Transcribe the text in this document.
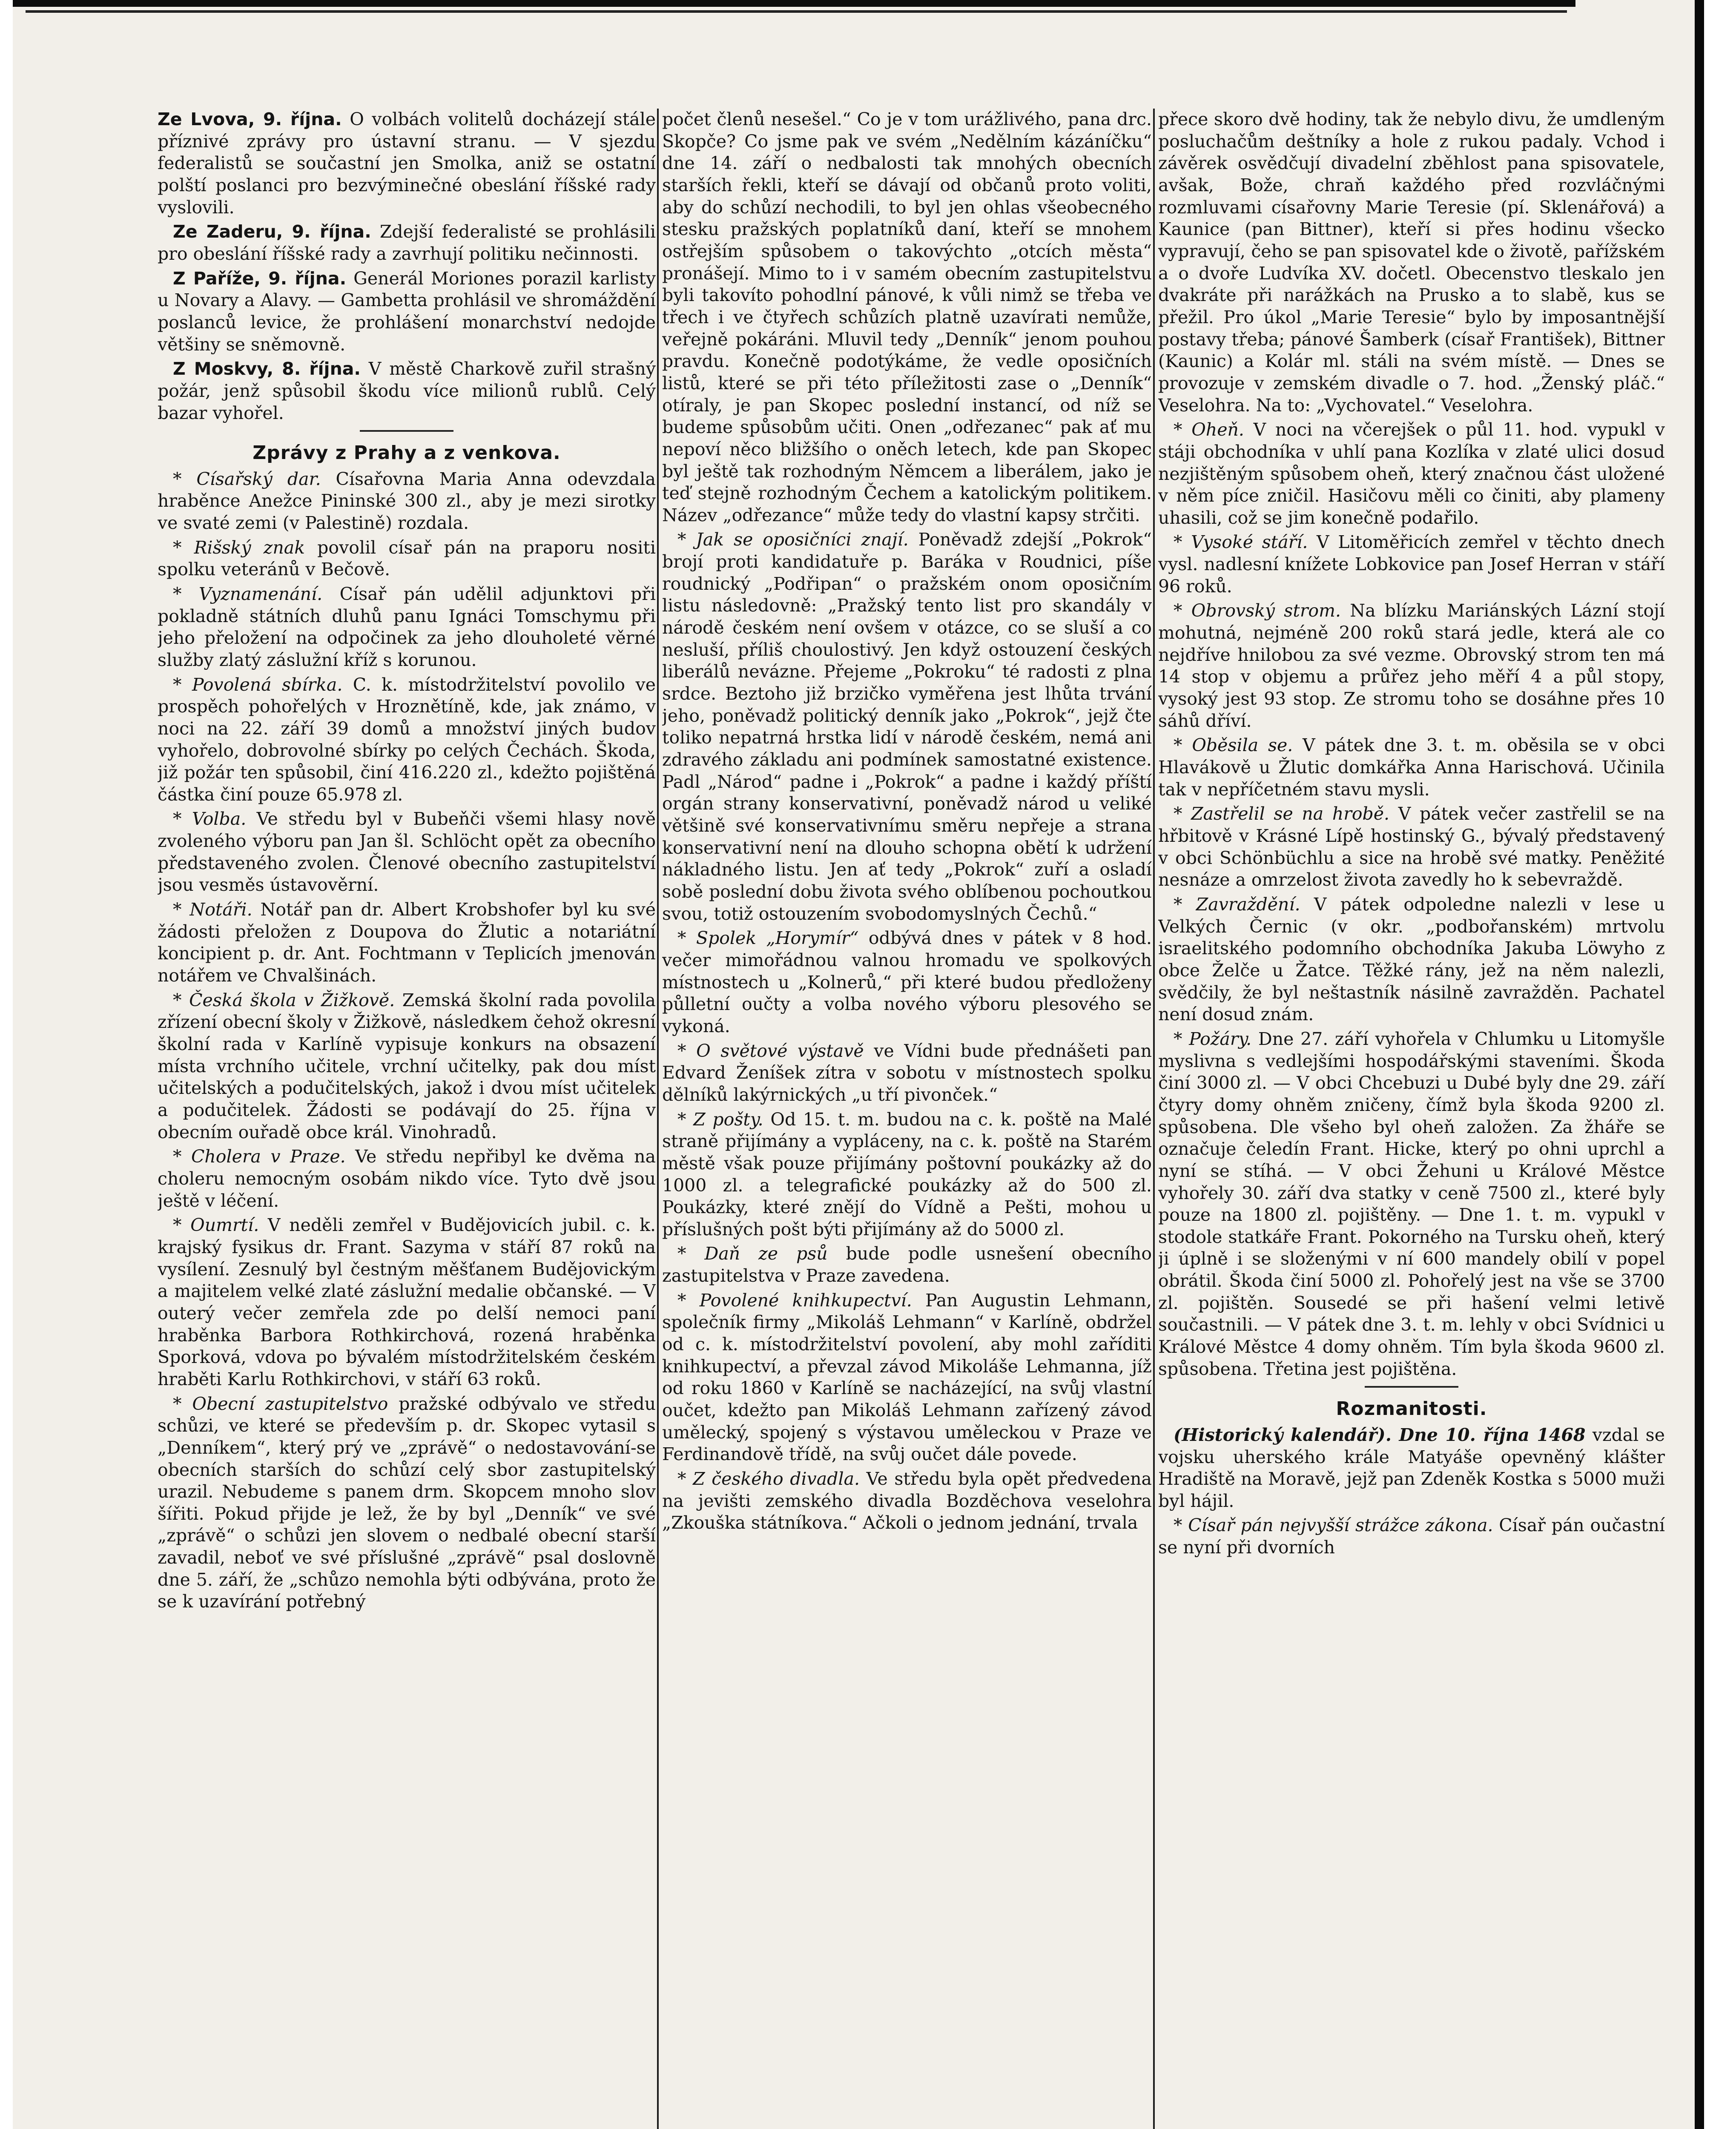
Ze Lvova, 9. října. O volbách volitelů docházejí stále příznivé zprávy pro ústavní stranu. — V sjezdu federalistů se součastní jen Smolka, aniž se ostatní polští poslanci pro bezvýminečné obeslání říšské rady vyslovili.

Ze Zaderu, 9. října. Zdejší federalisté se prohlásili pro obeslání říšské rady a zavrhují politiku nečinnosti.

Z Paříže, 9. října. Generál Moriones porazil karlisty u Novary a Alavy. — Gambetta prohlásil ve shromáždění poslanců levice, že prohlášení monarchství nedojde většiny se sněmovně.

Z Moskvy, 8. října. V městě Charkově zuřil strašný požár, jenž spůsobil škodu více milionů rublů. Celý bazar vyhořel.

Zprávy z Prahy a z venkova.

* Císařský dar. Císařovna Maria Anna odevzdala hraběnce Anežce Pininské 300 zl., aby je mezi sirotky ve svaté zemi (v Palestině) rozdala.

* Rišský znak povolil císař pán na praporu nositi spolku veteránů v Bečově.

* Vyznamenání. Císař pán udělil adjunktovi při pokladně státních dluhů panu Ignáci Tomschymu při jeho přeložení na odpočinek za jeho dlouholeté věrné služby zlatý záslužní kříž s korunou.

* Povolená sbírka. C. k. místodržitelství povolilo ve prospěch pohořelých v Hroznětíně, kde, jak známo, v noci na 22. září 39 domů a množství jiných budov vyhořelo, dobrovolné sbírky po celých Čechách. Škoda, již požár ten spůsobil, činí 416.220 zl., kdežto pojištěná částka činí pouze 65.978 zl.

* Volba. Ve středu byl v Bubeňči všemi hlasy nově zvoleného výboru pan Jan šl. Schlöcht opět za obecního představeného zvolen. Členové obecního zastupitelství jsou vesměs ústavověrní.

* Notáři. Notář pan dr. Albert Krobshofer byl ku své žádosti přeložen z Doupova do Žlutic a notariátní koncipient p. dr. Ant. Fochtmann v Teplicích jmenován notářem ve Chvalšinách.

* Česká škola v Žižkově. Zemská školní rada povolila zřízení obecní školy v Žižkově, následkem čehož okresní školní rada v Karlíně vypisuje konkurs na obsazení místa vrchního učitele, vrchní učitelky, pak dou míst učitelských a podučitelských, jakož i dvou míst učitelek a podučitelek. Žádosti se podávají do 25. října v obecním ouřadě obce král. Vinohradů.

* Cholera v Praze. Ve středu nepřibyl ke dvěma na choleru nemocným osobám nikdo více. Tyto dvě jsou ještě v léčení.

* Oumrtí. V neděli zemřel v Budějovicích jubil. c. k. krajský fysikus dr. Frant. Sazyma v stáří 87 roků na vysílení. Zesnulý byl čestným měšťanem Budějovickým a majitelem velké zlaté záslužní medalie občanské. — V outerý večer zemřela zde po delší nemoci paní hraběnka Barbora Rothkirchová, rozená hraběnka Sporková, vdova po bývalém místodržitelském českém hraběti Karlu Rothkirchovi, v stáří 63 roků.

* Obecní zastupitelstvo pražské odbývalo ve středu schůzi, ve které se především p. dr. Skopec vytasil s „Denníkem“, který prý ve „zprávě“ o nedostavování-se obecních starších do schůzí celý sbor zastupitelský urazil. Nebudeme s panem drm. Skopcem mnoho slov šířiti. Pokud přijde je lež, že by byl „Denník“ ve své „zprávě“ o schůzi jen slovem o nedbalé obecní starší zavadil, neboť ve své příslušné „zprávě“ psal doslovně dne 5. září, že „schůzo nemohla býti odbývána, proto že se k uzavírání potřebný

počet členů nesešel.“ Co je v tom urážlivého, pana drc. Skopče? Co jsme pak ve svém „Nedělním kázáníčku“ dne 14. září o nedbalosti tak mnohých obecních starších řekli, kteří se dávají od občanů proto voliti, aby do schůzí nechodili, to byl jen ohlas všeobecného stesku pražských poplatníků daní, kteří se mnohem ostřejším spůsobem o takovýchto „otcích města“ pronášejí. Mimo to i v samém obecním zastupitelstvu byli takovíto pohodlní pánové, k vůli nimž se třeba ve třech i ve čtyřech schůzích platně uzavírati nemůže, veřejně pokáráni. Mluvil tedy „Denník“ jenom pouhou pravdu. Konečně podotýkáme, že vedle oposičních listů, které se při této příležitosti zase o „Denník“ otíraly, je pan Skopec poslední instancí, od níž se budeme spůsobům učiti. Onen „odřezanec“ pak ať mu nepoví něco bližšího o oněch letech, kde pan Skopec byl ještě tak rozhodným Němcem a liberálem, jako je teď stejně rozhodným Čechem a katolickým politikem. Název „odřezance“ může tedy do vlastní kapsy strčiti.

* Jak se oposičníci znají. Poněvadž zdejší „Pokrok“ brojí proti kandidatuře p. Baráka v Roudnici, píše roudnický „Podřipan“ o pražském onom oposičním listu následovně: „Pražský tento list pro skandály v národě českém není ovšem v otázce, co se sluší a co nesluší, příliš choulostivý. Jen když ostouzení českých liberálů nevázne. Přejeme „Pokroku“ té radosti z plna srdce. Beztoho již brzičko vyměřena jest lhůta trvání jeho, poněvadž politický denník jako „Pokrok“, jejž čte toliko nepatrná hrstka lidí v národě českém, nemá ani zdravého základu ani podmínek samostatné existence. Padl „Národ“ padne i „Pokrok“ a padne i každý příští orgán strany konservativní, poněvadž národ u veliké většině své konservativnímu směru nepřeje a strana konservativní není na dlouho schopna obětí k udržení nákladného listu. Jen ať tedy „Pokrok“ zuří a osladí sobě poslední dobu života svého oblíbenou pochoutkou svou, totiž ostouzením svobodomyslných Čechů.“

* Spolek „Horymír“ odbývá dnes v pátek v 8 hod. večer mimořádnou valnou hromadu ve spolkových místnostech u „Kolnerů,“ při které budou předloženy půlletní oučty a volba nového výboru plesového se vykoná.

* O světové výstavě ve Vídni bude přednášeti pan Edvard Ženíšek zítra v sobotu v místnostech spolku dělníků lakýrnických „u tří pivonček.“

* Z pošty. Od 15. t. m. budou na c. k. poště na Malé straně přijímány a vypláceny, na c. k. poště na Starém městě však pouze přijímány poštovní poukázky až do 1000 zl. a telegrafické poukázky až do 500 zl. Poukázky, které znějí do Vídně a Pešti, mohou u příslušných pošt býti přijímány až do 5000 zl.

* Daň ze psů bude podle usnešení obecního zastupitelstva v Praze zavedena.

* Povolené knihkupectví. Pan Augustin Lehmann, společník firmy „Mikoláš Lehmann“ v Karlíně, obdržel od c. k. místodržitelství povolení, aby mohl zaříditi knihkupectví, a převzal závod Mikoláše Lehmanna, jíž od roku 1860 v Karlíně se nacházející, na svůj vlastní oučet, kdežto pan Mikoláš Lehmann zařízený závod umělecký, spojený s výstavou uměleckou v Praze ve Ferdinandově třídě, na svůj oučet dále povede.

* Z českého divadla. Ve středu byla opět předvedena na jevišti zemského divadla Bozděchova veselohra „Zkouška státníkova.“ Ačkoli o jednom jednání, trvala

přece skoro dvě hodiny, tak že nebylo divu, že umdleným posluchačům deštníky a hole z rukou padaly. Vchod i závěrek osvědčují divadelní zběhlost pana spisovatele, avšak, Bože, chraň každého před rozvláčnými rozmluvami císařovny Marie Teresie (pí. Sklenářová) a Kaunice (pan Bittner), kteří si přes hodinu všecko vypravují, čeho se pan spisovatel kde o životě, pařížském a o dvoře Ludvíka XV. dočetl. Obecenstvo tleskalo jen dvakráte při narážkách na Prusko a to slabě, kus se přežil. Pro úkol „Marie Teresie“ bylo by imposantnější postavy třeba; pánové Šamberk (císař František), Bittner (Kaunic) a Kolár ml. stáli na svém místě. — Dnes se provozuje v zemském divadle o 7. hod. „Ženský pláč.“ Veselohra. Na to: „Vychovatel.“ Veselohra.

* Oheň. V noci na včerejšek o půl 11. hod. vypukl v stáji obchodníka v uhlí pana Kozlíka v zlaté ulici dosud nezjištěným spůsobem oheň, který značnou část uložené v něm píce zničil. Hasičovu měli co činiti, aby plameny uhasili, což se jim konečně podařilo.

* Vysoké stáří. V Litoměřicích zemřel v těchto dnech vysl. nadlesní knížete Lobkovice pan Josef Herran v stáří 96 roků.

* Obrovský strom. Na blízku Mariánských Lázní stojí mohutná, nejméně 200 roků stará jedle, která ale co nejdříve hnilobou za své vezme. Obrovský strom ten má 14 stop v objemu a průřez jeho měří 4 a půl stopy, vysoký jest 93 stop. Ze stromu toho se dosáhne přes 10 sáhů dříví.

* Oběsila se. V pátek dne 3. t. m. oběsila se v obci Hlavákově u Žlutic domkářka Anna Harischová. Učinila tak v nepříčetném stavu mysli.

* Zastřelil se na hrobě. V pátek večer zastřelil se na hřbitově v Krásné Lípě hostinský G., bývalý představený v obci Schönbüchlu a sice na hrobě své matky. Peněžité nesnáze a omrzelost života zavedly ho k sebevraždě.

* Zavraždění. V pátek odpoledne nalezli v lese u Velkých Černic (v okr. „podbořanském) mrtvolu israelitského podomního obchodníka Jakuba Löwyho z obce Želče u Žatce. Těžké rány, jež na něm nalezli, svědčily, že byl neštastník násilně zavražděn. Pachatel není dosud znám.

* Požáry. Dne 27. září vyhořela v Chlumku u Litomyšle myslivna s vedlejšími hospodářskými staveními. Škoda činí 3000 zl. — V obci Chcebuzi u Dubé byly dne 29. září čtyry domy ohněm zničeny, čímž byla škoda 9200 zl. spůsobena. Dle všeho byl oheň založen. Za žháře se označuje čeledín Frant. Hicke, který po ohni uprchl a nyní se stíhá. — V obci Žehuni u Králové Městce vyhořely 30. září dva statky v ceně 7500 zl., které byly pouze na 1800 zl. pojištěny. — Dne 1. t. m. vypukl v stodole statkáře Frant. Pokorného na Tursku oheň, který ji úplně i se složenými v ní 600 mandely obilí v popel obrátil. Škoda činí 5000 zl. Pohořelý jest na vše se 3700 zl. pojištěn. Sousedé se při hašení velmi letivě součastnili. — V pátek dne 3. t. m. lehly v obci Svídnici u Králové Městce 4 domy ohněm. Tím byla škoda 9600 zl. spůsobena. Třetina jest pojištěna.

Rozmanitosti.

(Historický kalendář). Dne 10. října 1468 vzdal se vojsku uherského krále Matyáše opevněný klášter Hradiště na Moravě, jejž pan Zdeněk Kostka s 5000 muži byl hájil.

* Císař pán nejvyšší strážce zákona. Císař pán oučastní se nyní při dvorních
